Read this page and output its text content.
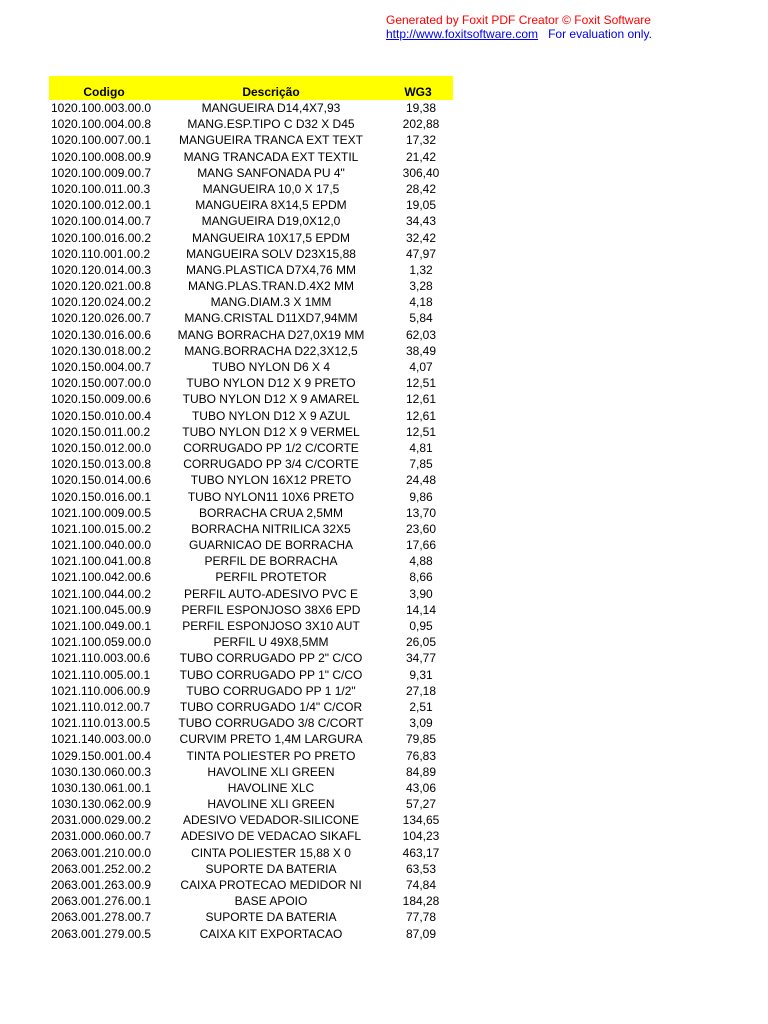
Generated by Foxit PDF Creator © Foxit Software
http://www.foxitsoftware.com For evaluation only.
Codigo	Descrição	WG3
1020.100.003.00.0	MANGUEIRA D14,4X7,93	19,38
1020.100.004.00.8	MANG.ESP.TIPO C D32 X D45	202,88
1020.100.007.00.1	MANGUEIRA TRANCA EXT TEXT	17,32
1020.100.008.00.9	MANG TRANCADA EXT TEXTIL	21,42
1020.100.009.00.7	MANG SANFONADA PU 4"	306,40
1020.100.011.00.3	MANGUEIRA 10,0 X 17,5	28,42
1020.100.012.00.1	MANGUEIRA 8X14,5 EPDM	19,05
1020.100.014.00.7	MANGUEIRA D19,0X12,0	34,43
1020.100.016.00.2	MANGUEIRA 10X17,5 EPDM	32,42
1020.110.001.00.2	MANGUEIRA SOLV D23X15,88	47,97
1020.120.014.00.3	MANG.PLASTICA D7X4,76 MM	1,32
1020.120.021.00.8	MANG.PLAS.TRAN.D.4X2 MM	3,28
1020.120.024.00.2	MANG.DIAM.3 X 1MM	4,18
1020.120.026.00.7	MANG.CRISTAL D11XD7,94MM	5,84
1020.130.016.00.6	MANG BORRACHA D27,0X19 MM	62,03
1020.130.018.00.2	MANG.BORRACHA D22,3X12,5	38,49
1020.150.004.00.7	TUBO NYLON D6 X 4	4,07
1020.150.007.00.0	TUBO NYLON D12 X 9 PRETO	12,51
1020.150.009.00.6	TUBO NYLON D12 X 9 AMAREL	12,61
1020.150.010.00.4	TUBO NYLON D12 X 9 AZUL	12,61
1020.150.011.00.2	TUBO NYLON D12 X 9 VERMEL	12,51
1020.150.012.00.0	CORRUGADO PP 1/2 C/CORTE	4,81
1020.150.013.00.8	CORRUGADO PP 3/4 C/CORTE	7,85
1020.150.014.00.6	TUBO NYLON 16X12 PRETO	24,48
1020.150.016.00.1	TUBO NYLON11 10X6 PRETO	9,86
1021.100.009.00.5	BORRACHA CRUA 2,5MM	13,70
1021.100.015.00.2	BORRACHA NITRILICA 32X5	23,60
1021.100.040.00.0	GUARNICAO DE BORRACHA	17,66
1021.100.041.00.8	PERFIL DE BORRACHA	4,88
1021.100.042.00.6	PERFIL PROTETOR	8,66
1021.100.044.00.2	PERFIL AUTO-ADESIVO PVC E	3,90
1021.100.045.00.9	PERFIL ESPONJOSO 38X6 EPD	14,14
1021.100.049.00.1	PERFIL ESPONJOSO 3X10 AUT	0,95
1021.100.059.00.0	PERFIL U 49X8,5MM	26,05
1021.110.003.00.6	TUBO CORRUGADO PP 2" C/CO	34,77
1021.110.005.00.1	TUBO CORRUGADO PP 1" C/CO	9,31
1021.110.006.00.9	TUBO CORRUGADO PP 1 1/2"	27,18
1021.110.012.00.7	TUBO CORRUGADO 1/4" C/COR	2,51
1021.110.013.00.5	TUBO CORRUGADO 3/8 C/CORT	3,09
1021.140.003.00.0	CURVIM PRETO 1,4M LARGURA	79,85
1029.150.001.00.4	TINTA POLIESTER PO PRETO	76,83
1030.130.060.00.3	HAVOLINE XLI GREEN	84,89
1030.130.061.00.1	HAVOLINE XLC	43,06
1030.130.062.00.9	HAVOLINE XLI GREEN	57,27
2031.000.029.00.2	ADESIVO VEDADOR-SILICONE	134,65
2031.000.060.00.7	ADESIVO DE VEDACAO SIKAFL	104,23
2063.001.210.00.0	CINTA POLIESTER 15,88 X 0	463,17
2063.001.252.00.2	SUPORTE DA BATERIA	63,53
2063.001.263.00.9	CAIXA PROTECAO MEDIDOR NI	74,84
2063.001.276.00.1	BASE APOIO	184,28
2063.001.278.00.7	SUPORTE DA BATERIA	77,78
2063.001.279.00.5	CAIXA KIT EXPORTACAO	87,09
